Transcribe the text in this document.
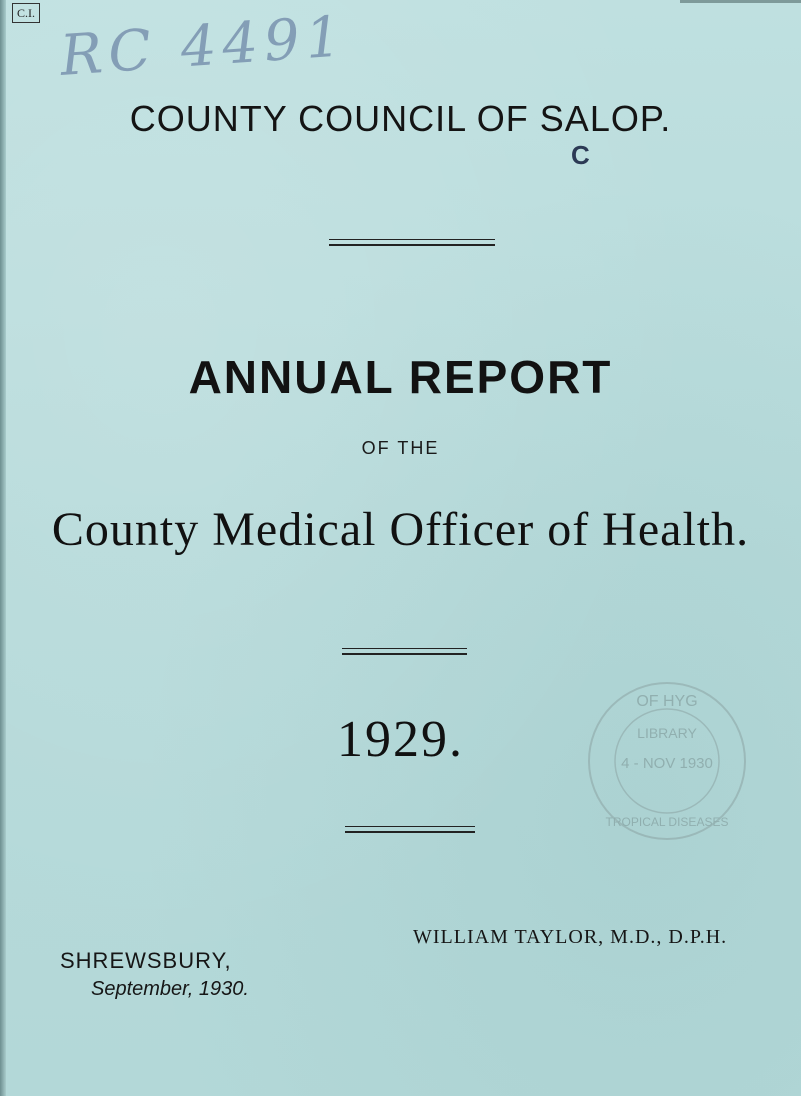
C.I. RC 4491
COUNTY COUNCIL OF SALOP.
C
ANNUAL REPORT
OF THE
County Medical Officer of Health.
1929.
OF HYG
LIBRARY
4 - NOV 1930
TROPICAL DISEASES
WILLIAM TAYLOR, M.D., D.P.H.
SHREWSBURY,
September, 1930.
